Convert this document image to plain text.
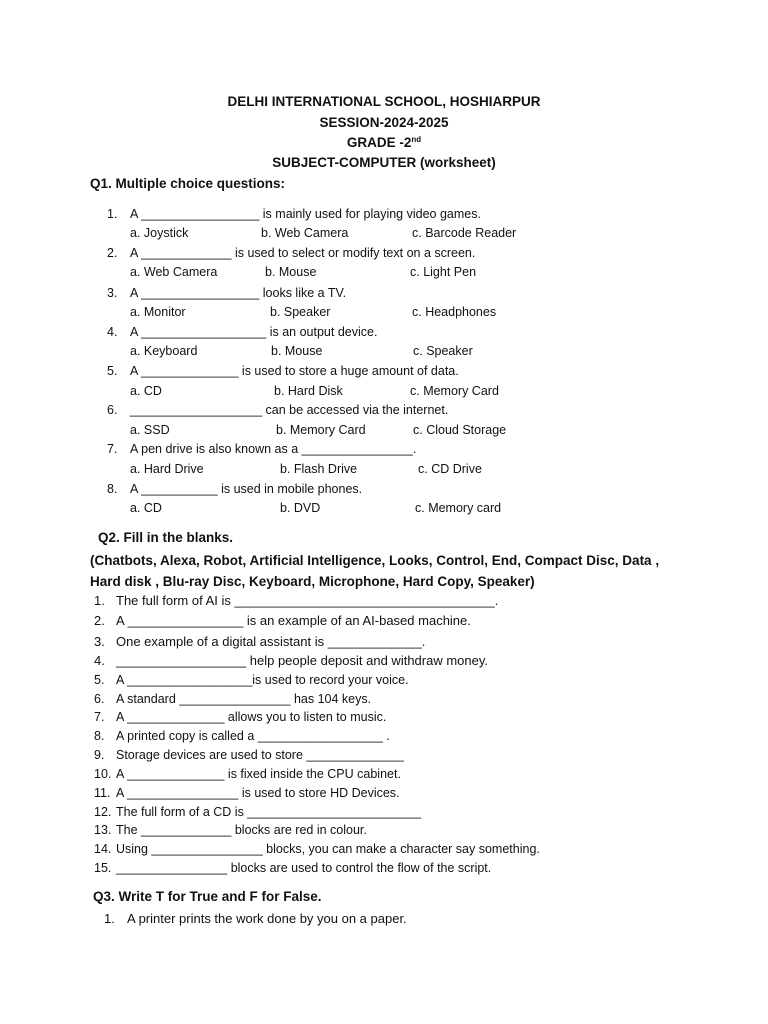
DELHI INTERNATIONAL SCHOOL, HOSHIARPUR
SESSION-2024-2025
GRADE -2nd
SUBJECT-COMPUTER (worksheet)
Q1. Multiple choice questions:
1. A _________________ is mainly used for playing video games.
a. Joystick	b. Web Camera	c. Barcode Reader
2. A _____________ is used to select or modify text on a screen.
a. Web Camera	b. Mouse	c. Light Pen
3. A _________________ looks like a TV.
a. Monitor	b. Speaker	c. Headphones
4. A __________________ is an output device.
a. Keyboard	b. Mouse	c. Speaker
5. A ______________ is used to store a huge amount of data.
a. CD	b. Hard Disk	c. Memory Card
6. ___________________ can be accessed via the internet.
a. SSD	b. Memory Card	c. Cloud Storage
7. A pen drive is also known as a ________________.
a. Hard Drive	b. Flash Drive	c. CD Drive
8. A ___________ is used in mobile phones.
a. CD	b. DVD	c. Memory card
Q2. Fill in the blanks.
(Chatbots, Alexa, Robot, Artificial Intelligence, Looks, Control, End, Compact Disc, Data , Hard disk , Blu-ray Disc, Keyboard, Microphone, Hard Copy, Speaker)
1. The full form of AI is ____________________________________.
2. A ________________ is an example of an AI-based machine.
3. One example of a digital assistant is _____________.
4. __________________ help people deposit and withdraw money.
5. A __________________is used to record your voice.
6. A standard ________________ has 104 keys.
7. A ______________ allows you to listen to music.
8. A printed copy is called a __________________ .
9. Storage devices are used to store ______________
10. A ______________ is fixed inside the CPU cabinet.
11. A ________________ is used to store HD Devices.
12. The full form of a CD is _________________________
13. The _____________ blocks are red in colour.
14. Using ________________ blocks, you can make a character say something.
15. ________________ blocks are used to control the flow of the script.
Q3. Write T for True and F for False.
1. A printer prints the work done by you on a paper.
